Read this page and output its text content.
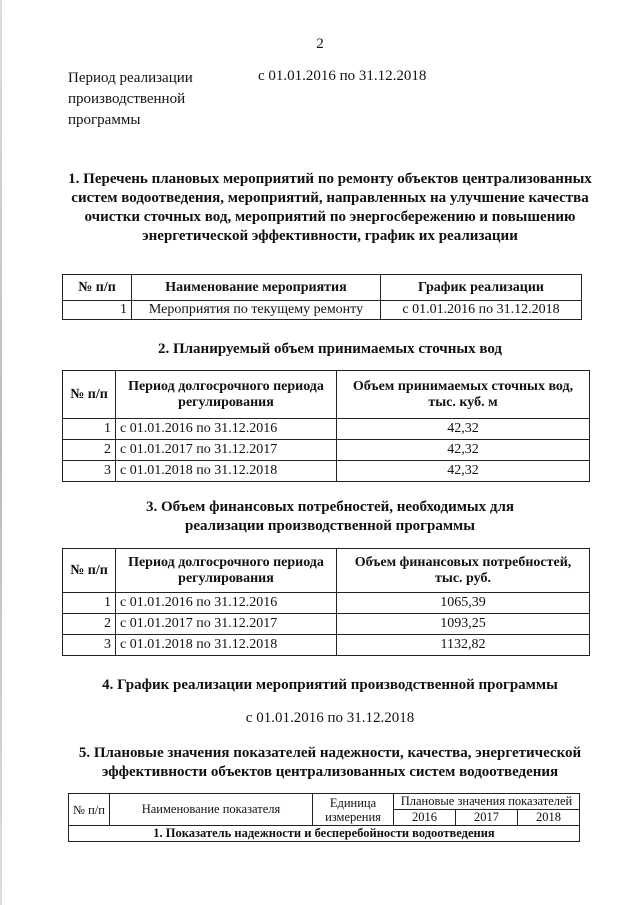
2
Период реализации производственной программы
с 01.01.2016 по 31.12.2018
1. Перечень плановых мероприятий по ремонту объектов централизованных систем водоотведения, мероприятий, направленных на улучшение качества очистки сточных вод, мероприятий по энергосбережению и повышению энергетической эффективности, график их реализации
№ п/п	Наименование мероприятия	График реализации
1	Мероприятия по текущему ремонту	с 01.01.2016 по 31.12.2018
2. Планируемый объем принимаемых сточных вод
№ п/п	Период долгосрочного периода регулирования	Объем принимаемых сточных вод, тыс. куб. м
1	с 01.01.2016 по 31.12.2016	42,32
2	с 01.01.2017 по 31.12.2017	42,32
3	с 01.01.2018 по 31.12.2018	42,32
3. Объем финансовых потребностей, необходимых для реализации производственной программы
№ п/п	Период долгосрочного периода регулирования	Объем финансовых потребностей, тыс. руб.
1	с 01.01.2016 по 31.12.2016	1065,39
2	с 01.01.2017 по 31.12.2017	1093,25
3	с 01.01.2018 по 31.12.2018	1132,82
4. График реализации мероприятий производственной программы
с 01.01.2016 по 31.12.2018
5. Плановые значения показателей надежности, качества, энергетической эффективности объектов централизованных систем водоотведения
№ п/п	Наименование показателя	Единица измерения	Плановые значения показателей		
			2016	2017	2018
1. Показатель надежности и бесперебойности водоотведения					
